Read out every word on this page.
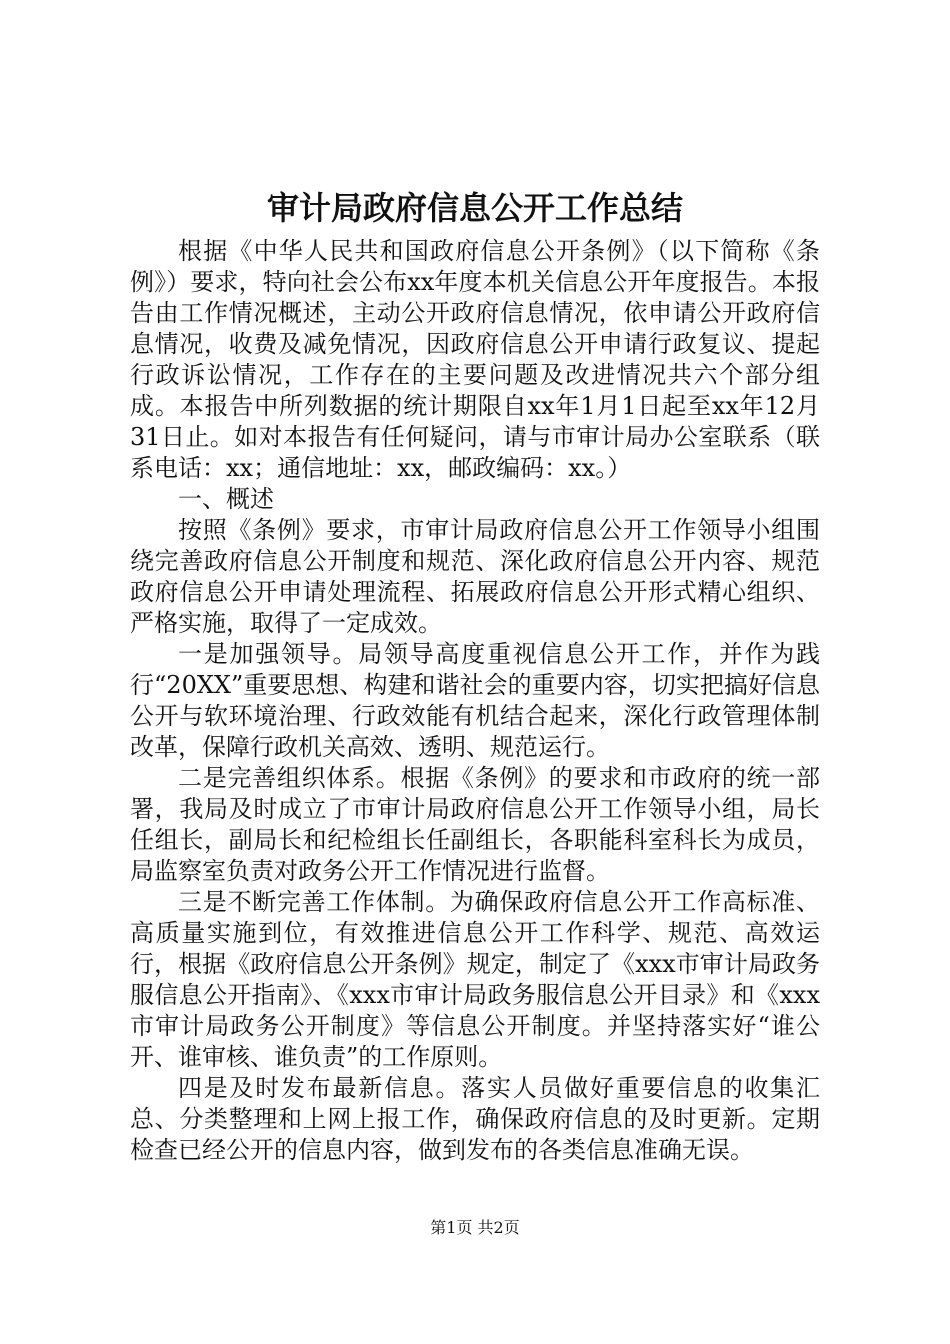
审计局政府信息公开工作总结

根据《中华人民共和国政府信息公开条例》（以下简称《条例》）要求，特向社会公布xx年度本机关信息公开年度报告。本报告由工作情况概述，主动公开政府信息情况，依申请公开政府信息情况，收费及减免情况，因政府信息公开申请行政复议、提起行政诉讼情况，工作存在的主要问题及改进情况共六个部分组成。本报告中所列数据的统计期限自xx年1月1日起至xx年12月31日止。如对本报告有任何疑问，请与市审计局办公室联系（联系电话：xx；通信地址：xx，邮政编码：xx。）

一、概述

按照《条例》要求，市审计局政府信息公开工作领导小组围绕完善政府信息公开制度和规范、深化政府信息公开内容、规范政府信息公开申请处理流程、拓展政府信息公开形式精心组织、严格实施，取得了一定成效。

一是加强领导。局领导高度重视信息公开工作，并作为践行“20XX”重要思想、构建和谐社会的重要内容，切实把搞好信息公开与软环境治理、行政效能有机结合起来，深化行政管理体制改革，保障行政机关高效、透明、规范运行。

二是完善组织体系。根据《条例》的要求和市政府的统一部署，我局及时成立了市审计局政府信息公开工作领导小组，局长任组长，副局长和纪检组长任副组长，各职能科室科长为成员，局监察室负责对政务公开工作情况进行监督。

三是不断完善工作体制。为确保政府信息公开工作高标准、高质量实施到位，有效推进信息公开工作科学、规范、高效运行，根据《政府信息公开条例》规定，制定了《xxx市审计局政务服信息公开指南》、《xxx市审计局政务服信息公开目录》和《xxx市审计局政务公开制度》等信息公开制度。并坚持落实好“谁公开、谁审核、谁负责”的工作原则。

四是及时发布最新信息。落实人员做好重要信息的收集汇总、分类整理和上网上报工作，确保政府信息的及时更新。定期检查已经公开的信息内容，做到发布的各类信息准确无误。

第1页 共2页
